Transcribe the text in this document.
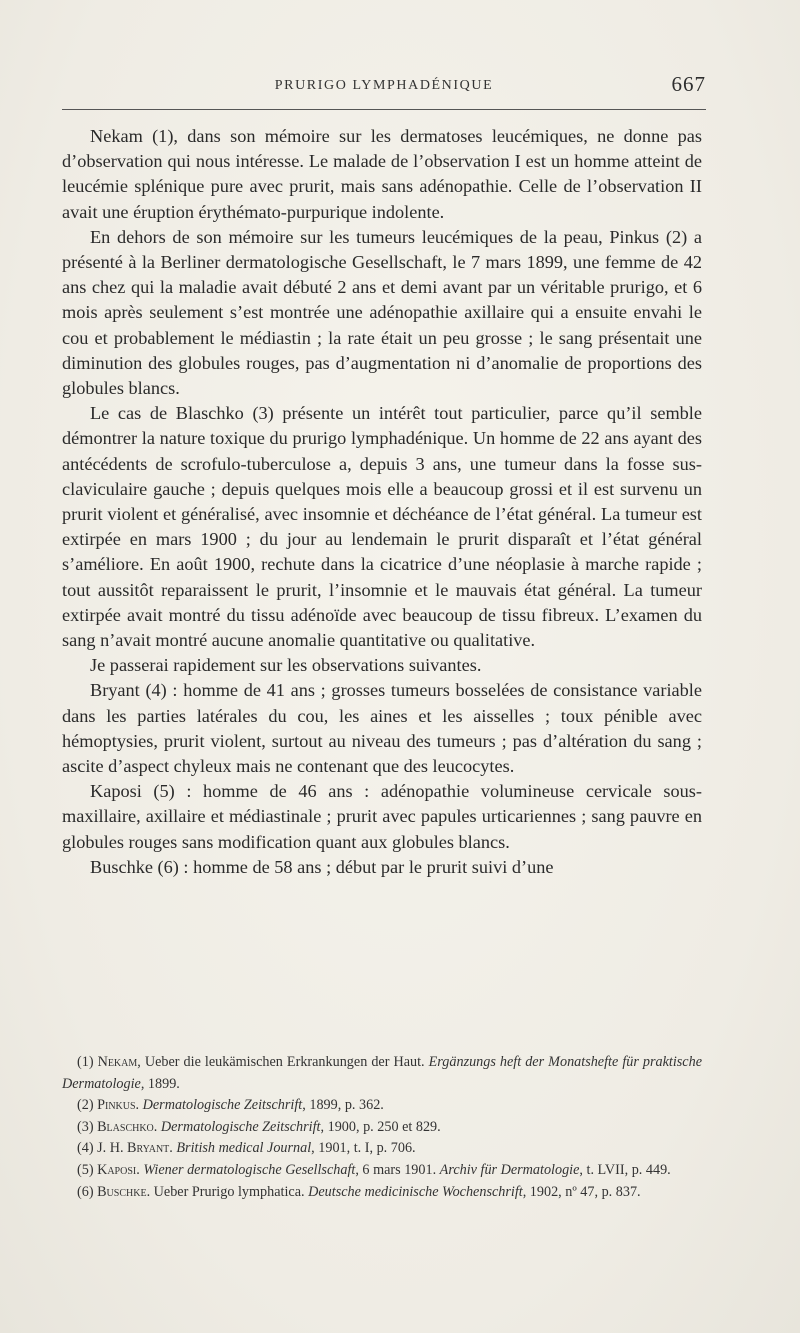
PRURIGO LYMPHADÉNIQUE	667

Nekam (1), dans son mémoire sur les dermatoses leucémiques, ne donne pas d’observation qui nous intéresse. Le malade de l’observation I est un homme atteint de leucémie splénique pure avec prurit, mais sans adénopathie. Celle de l’observation II avait une éruption érythémato-purpurique indolente.

En dehors de son mémoire sur les tumeurs leucémiques de la peau, Pinkus (2) a présenté à la Berliner dermatologische Gesellschaft, le 7 mars 1899, une femme de 42 ans chez qui la maladie avait débuté 2 ans et demi avant par un véritable prurigo, et 6 mois après seulement s’est montrée une adénopathie axillaire qui a ensuite envahi le cou et probablement le médiastin ; la rate était un peu grosse ; le sang présentait une diminution des globules rouges, pas d’augmentation ni d’anomalie de proportions des globules blancs.

Le cas de Blaschko (3) présente un intérêt tout particulier, parce qu’il semble démontrer la nature toxique du prurigo lymphadénique. Un homme de 22 ans ayant des antécédents de scrofulo-tuberculose a, depuis 3 ans, une tumeur dans la fosse sus-claviculaire gauche ; depuis quelques mois elle a beaucoup grossi et il est survenu un prurit violent et généralisé, avec insomnie et déchéance de l’état général. La tumeur est extirpée en mars 1900 ; du jour au lendemain le prurit disparaît et l’état général s’améliore. En août 1900, rechute dans la cicatrice d’une néoplasie à marche rapide ; tout aussitôt reparaissent le prurit, l’insomnie et le mauvais état général. La tumeur extirpée avait montré du tissu adénoïde avec beaucoup de tissu fibreux. L’examen du sang n’avait montré aucune anomalie quantitative ou qualitative.

Je passerai rapidement sur les observations suivantes.

Bryant (4) : homme de 41 ans ; grosses tumeurs bosselées de consistance variable dans les parties latérales du cou, les aines et les aisselles ; toux pénible avec hémoptysies, prurit violent, surtout au niveau des tumeurs ; pas d’altération du sang ; ascite d’aspect chyleux mais ne contenant que des leucocytes.

Kaposi (5) : homme de 46 ans : adénopathie volumineuse cervicale sous-maxillaire, axillaire et médiastinale ; prurit avec papules urticariennes ; sang pauvre en globules rouges sans modification quant aux globules blancs.

Buschke (6) : homme de 58 ans ; début par le prurit suivi d’une

(1) Nekam, Ueber die leukämischen Erkrankungen der Haut. Ergänzungs heft der Monatshefte für praktische Dermatologie, 1899.

(2) Pinkus. Dermatologische Zeitschrift, 1899, p. 362.

(3) Blaschko. Dermatologische Zeitschrift, 1900, p. 250 et 829.

(4) J. H. Bryant. British medical Journal, 1901, t. I, p. 706.

(5) Kaposi. Wiener dermatologische Gesellschaft, 6 mars 1901. Archiv für Dermatologie, t. LVII, p. 449.

(6) Buschke. Ueber Prurigo lymphatica. Deutsche medicinische Wochenschrift, 1902, nº 47, p. 837.
